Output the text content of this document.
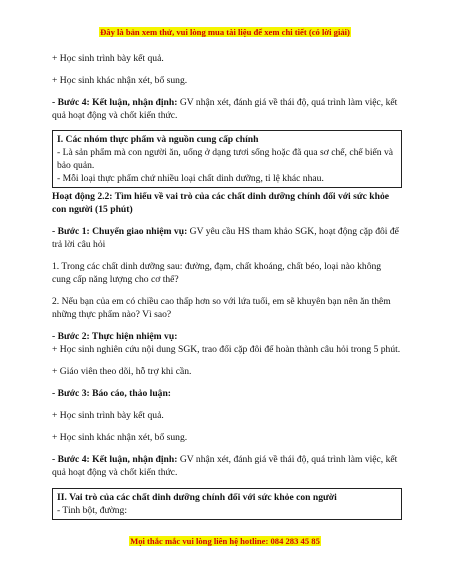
Đây là bản xem thử, vui lòng mua tài liệu để xem chi tiết (có lời giải)

+ Học sinh trình bày kết quả.

+ Học sinh khác nhận xét, bổ sung.

- Bước 4: Kết luận, nhận định: GV nhận xét, đánh giá về thái độ, quá trình làm việc, kết quả hoạt động và chốt kiến thức.

I. Các nhóm thực phẩm và nguồn cung cấp chính

- Là sản phẩm mà con người ăn, uống ở dạng tươi sống hoặc đã qua sơ chế, chế biến và bảo quản.

- Mỗi loại thực phẩm chứ nhiều loại chất dinh dưỡng, tỉ lệ khác nhau.

Hoạt động 2.2: Tìm hiểu về vai trò của các chất dinh dưỡng chính đối với sức khỏe con người (15 phút)

- Bước 1: Chuyển giao nhiệm vụ: GV yêu cầu HS tham khảo SGK, hoạt động cặp đôi để trả lời câu hỏi

1. Trong các chất dinh dưỡng sau: đường, đạm, chất khoáng, chất béo, loại nào không cung cấp năng lượng cho cơ thể?

2. Nếu bạn của em có chiều cao thấp hơn so với lứa tuổi, em sẽ khuyên bạn nên ăn thêm những thực phẩm nào? Vì sao?

- Bước 2: Thực hiện nhiệm vụ:

+ Học sinh nghiên cứu nội dung SGK, trao đổi cặp đôi để hoàn thành câu hỏi trong 5 phút.

+ Giáo viên theo dõi, hỗ trợ khi cần.

- Bước 3: Báo cáo, thảo luận:

+ Học sinh trình bày kết quả.

+ Học sinh khác nhận xét, bổ sung.

- Bước 4: Kết luận, nhận định: GV nhận xét, đánh giá về thái độ, quá trình làm việc, kết quả hoạt động và chốt kiến thức.

II. Vai trò của các chất dinh dưỡng chính đối với sức khỏe con người

- Tinh bột, đường:

Mọi thắc mắc vui lòng liên hệ hotline: 084 283 45 85
